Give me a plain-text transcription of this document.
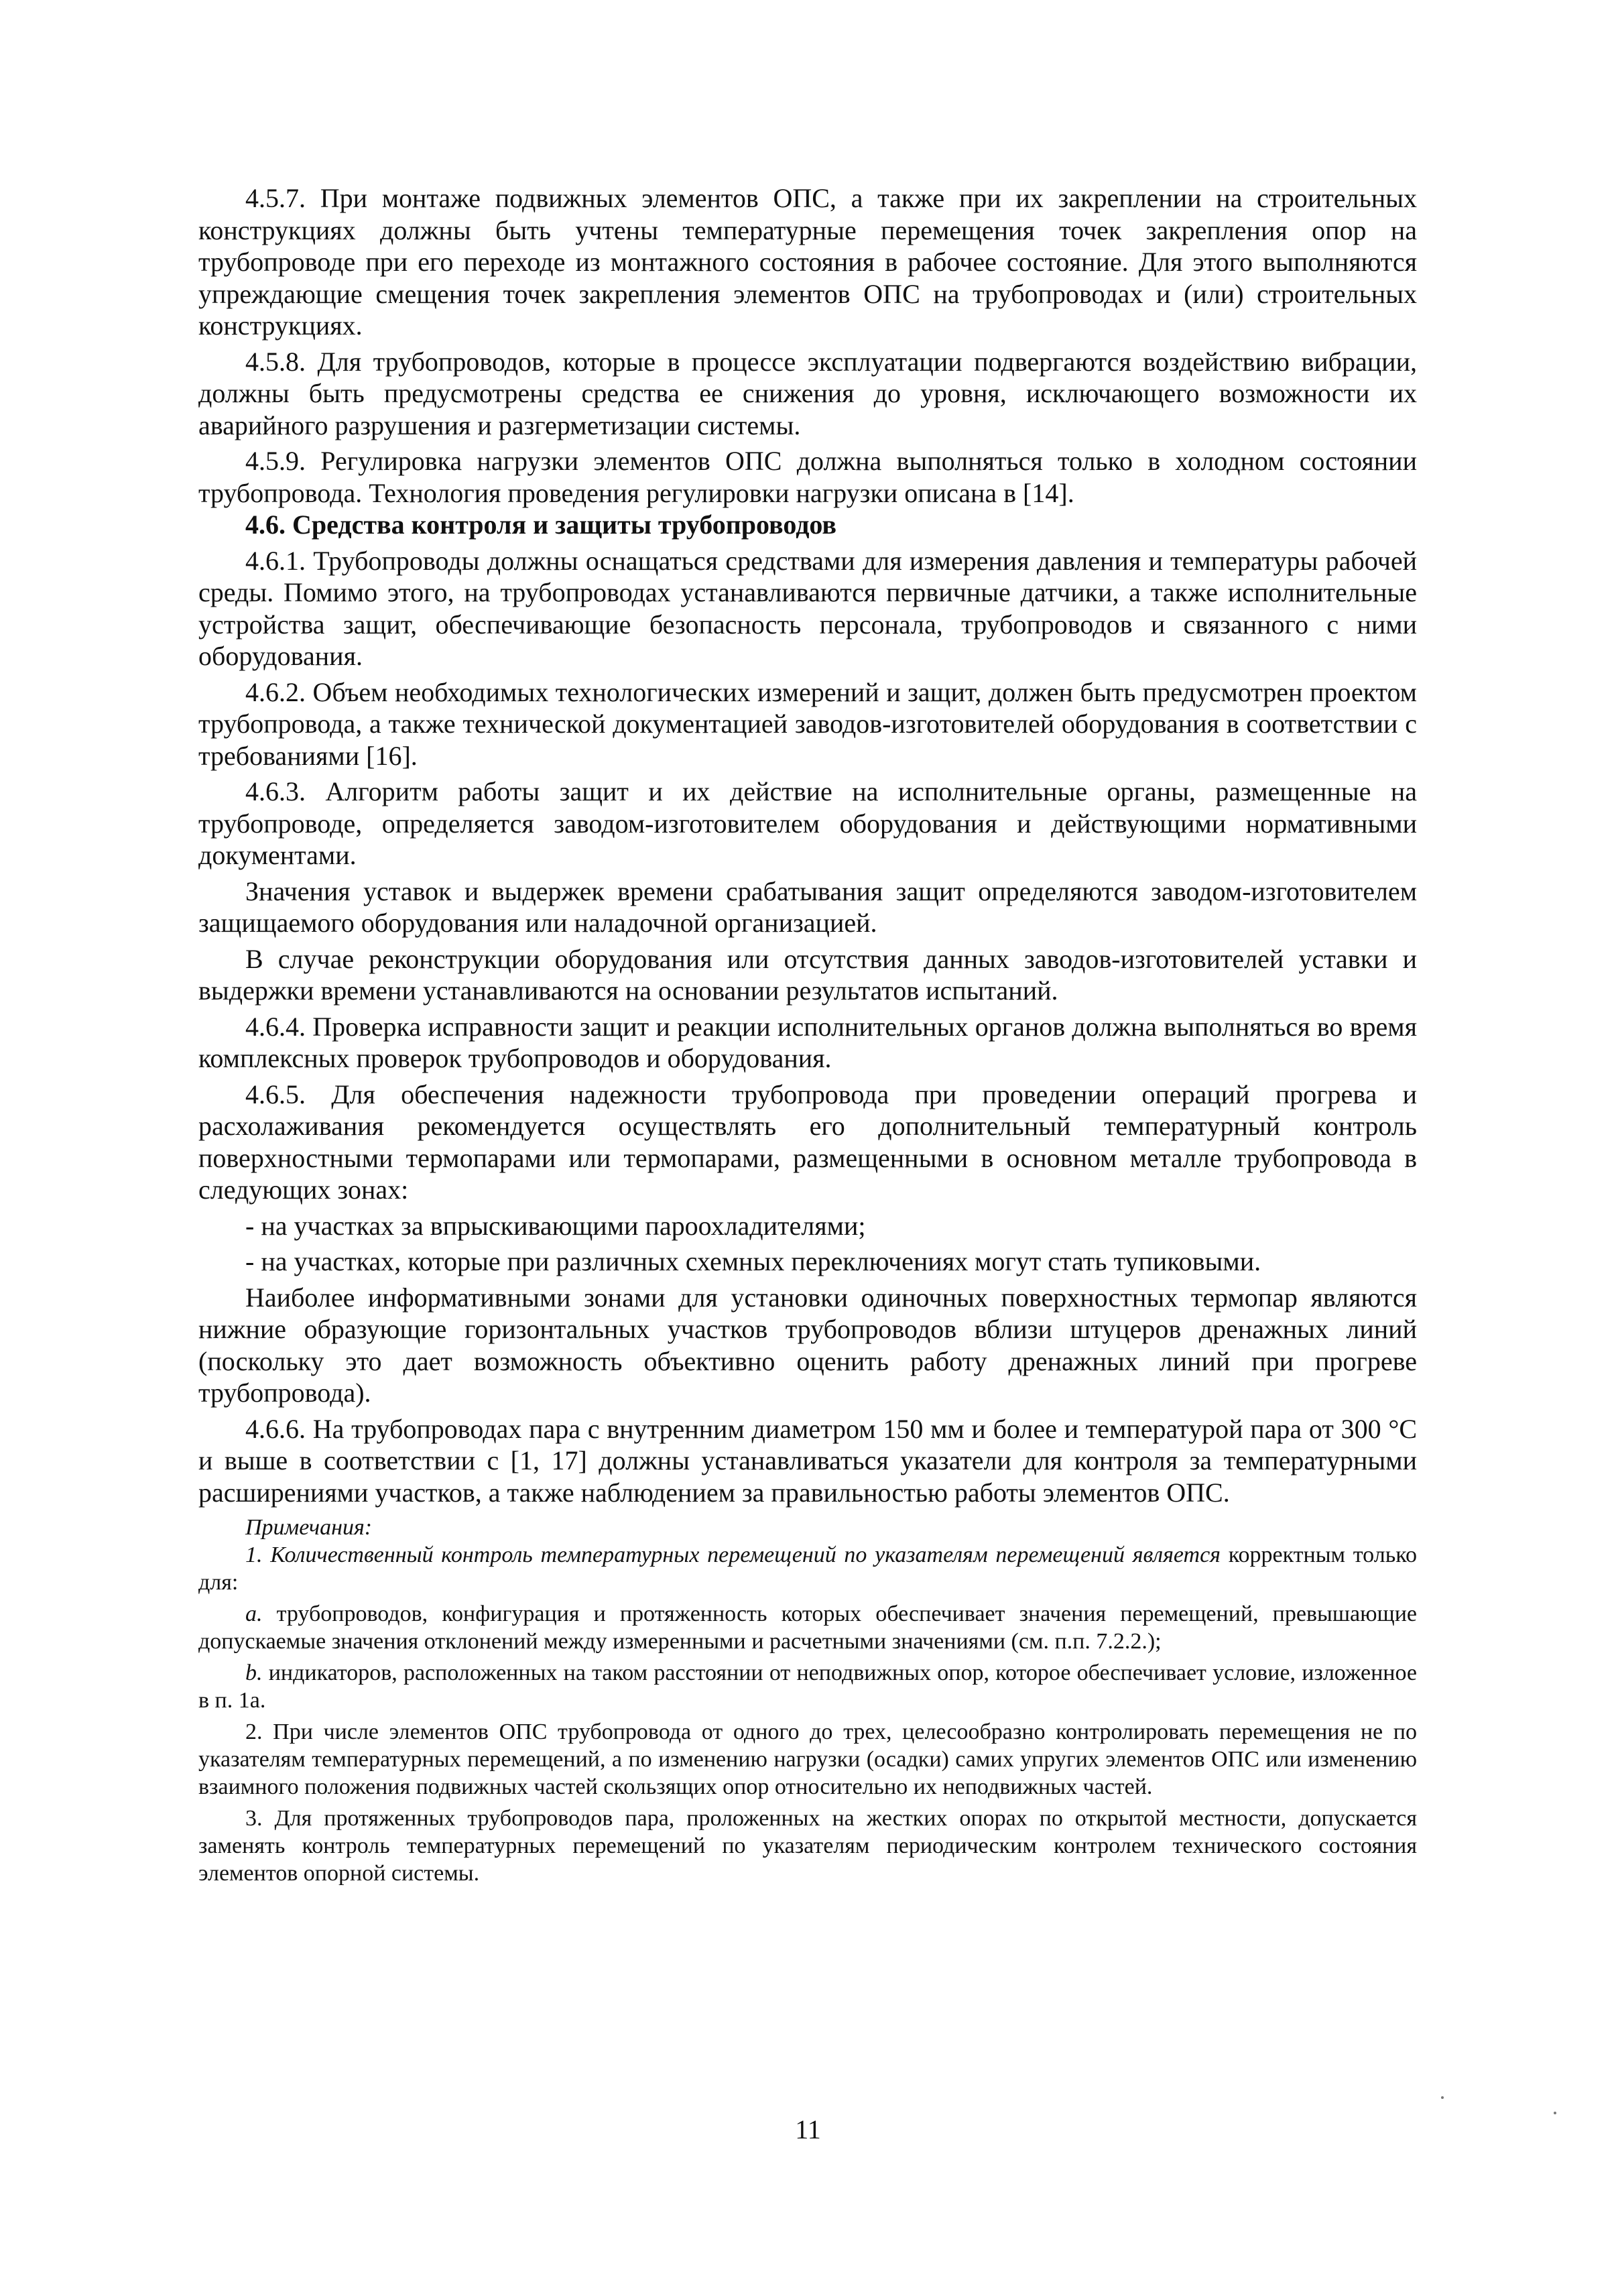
4.5.7. При монтаже подвижных элементов ОПС, а также при их закреплении на строительных конструкциях должны быть учтены температурные перемещения точек закрепления опор на трубопроводе при его переходе из монтажного состояния в рабочее состояние. Для этого выполняются упреждающие смещения точек закрепления элементов ОПС на трубопроводах и (или) строительных конструкциях.

4.5.8. Для трубопроводов, которые в процессе эксплуатации подвергаются воздействию вибрации, должны быть предусмотрены средства ее снижения до уровня, исключающего возможности их аварийного разрушения и разгерметизации системы.

4.5.9. Регулировка нагрузки элементов ОПС должна выполняться только в холодном состоянии трубопровода. Технология проведения регулировки нагрузки описана в [14].

4.6. Средства контроля и защиты трубопроводов

4.6.1. Трубопроводы должны оснащаться средствами для измерения давления и температуры рабочей среды. Помимо этого, на трубопроводах устанавливаются первичные датчики, а также исполнительные устройства защит, обеспечивающие безопасность персонала, трубопроводов и связанного с ними оборудования.

4.6.2. Объем необходимых технологических измерений и защит, должен быть предусмотрен проектом трубопровода, а также технической документацией заводов-изготовителей оборудования в соответствии с требованиями [16].

4.6.3. Алгоритм работы защит и их действие на исполнительные органы, размещенные на трубопроводе, определяется заводом-изготовителем оборудования и действующими нормативными документами.

Значения уставок и выдержек времени срабатывания защит определяются заводом-изготовителем защищаемого оборудования или наладочной организацией.

В случае реконструкции оборудования или отсутствия данных заводов-изготовителей уставки и выдержки времени устанавливаются на основании результатов испытаний.

4.6.4. Проверка исправности защит и реакции исполнительных органов должна выполняться во время комплексных проверок трубопроводов и оборудования.

4.6.5. Для обеспечения надежности трубопровода при проведении операций прогрева и расхолаживания рекомендуется осуществлять его дополнительный температурный контроль поверхностными термопарами или термопарами, размещенными в основном металле трубопровода в следующих зонах:

- на участках за впрыскивающими пароохладителями;

- на участках, которые при различных схемных переключениях могут стать тупиковыми.

Наиболее информативными зонами для установки одиночных поверхностных термопар являются нижние образующие горизонтальных участков трубопроводов вблизи штуцеров дренажных линий (поскольку это дает возможность объективно оценить работу дренажных линий при прогреве трубопровода).

4.6.6. На трубопроводах пара с внутренним диаметром 150 мм и более и температурой пара от 300 °С и выше в соответствии с [1, 17] должны устанавливаться указатели для контроля за температурными расширениями участков, а также наблюдением за правильностью работы элементов ОПС.

Примечания:

1. Количественный контроль температурных перемещений по указателям перемещений является корректным только для:

a. трубопроводов, конфигурация и протяженность которых обеспечивает значения перемещений, превышающие допускаемые значения отклонений между измеренными и расчетными значениями (см. п.п. 7.2.2.);

b. индикаторов, расположенных на таком расстоянии от неподвижных опор, которое обеспечивает условие, изложенное в п. 1а.

2. При числе элементов ОПС трубопровода от одного до трех, целесообразно контролировать перемещения не по указателям температурных перемещений, а по изменению нагрузки (осадки) самих упругих элементов ОПС или изменению взаимного положения подвижных частей скользящих опор относительно их неподвижных частей.

3. Для протяженных трубопроводов пара, проложенных на жестких опорах по открытой местности, допускается заменять контроль температурных перемещений по указателям периодическим контролем технического состояния элементов опорной системы.

11
